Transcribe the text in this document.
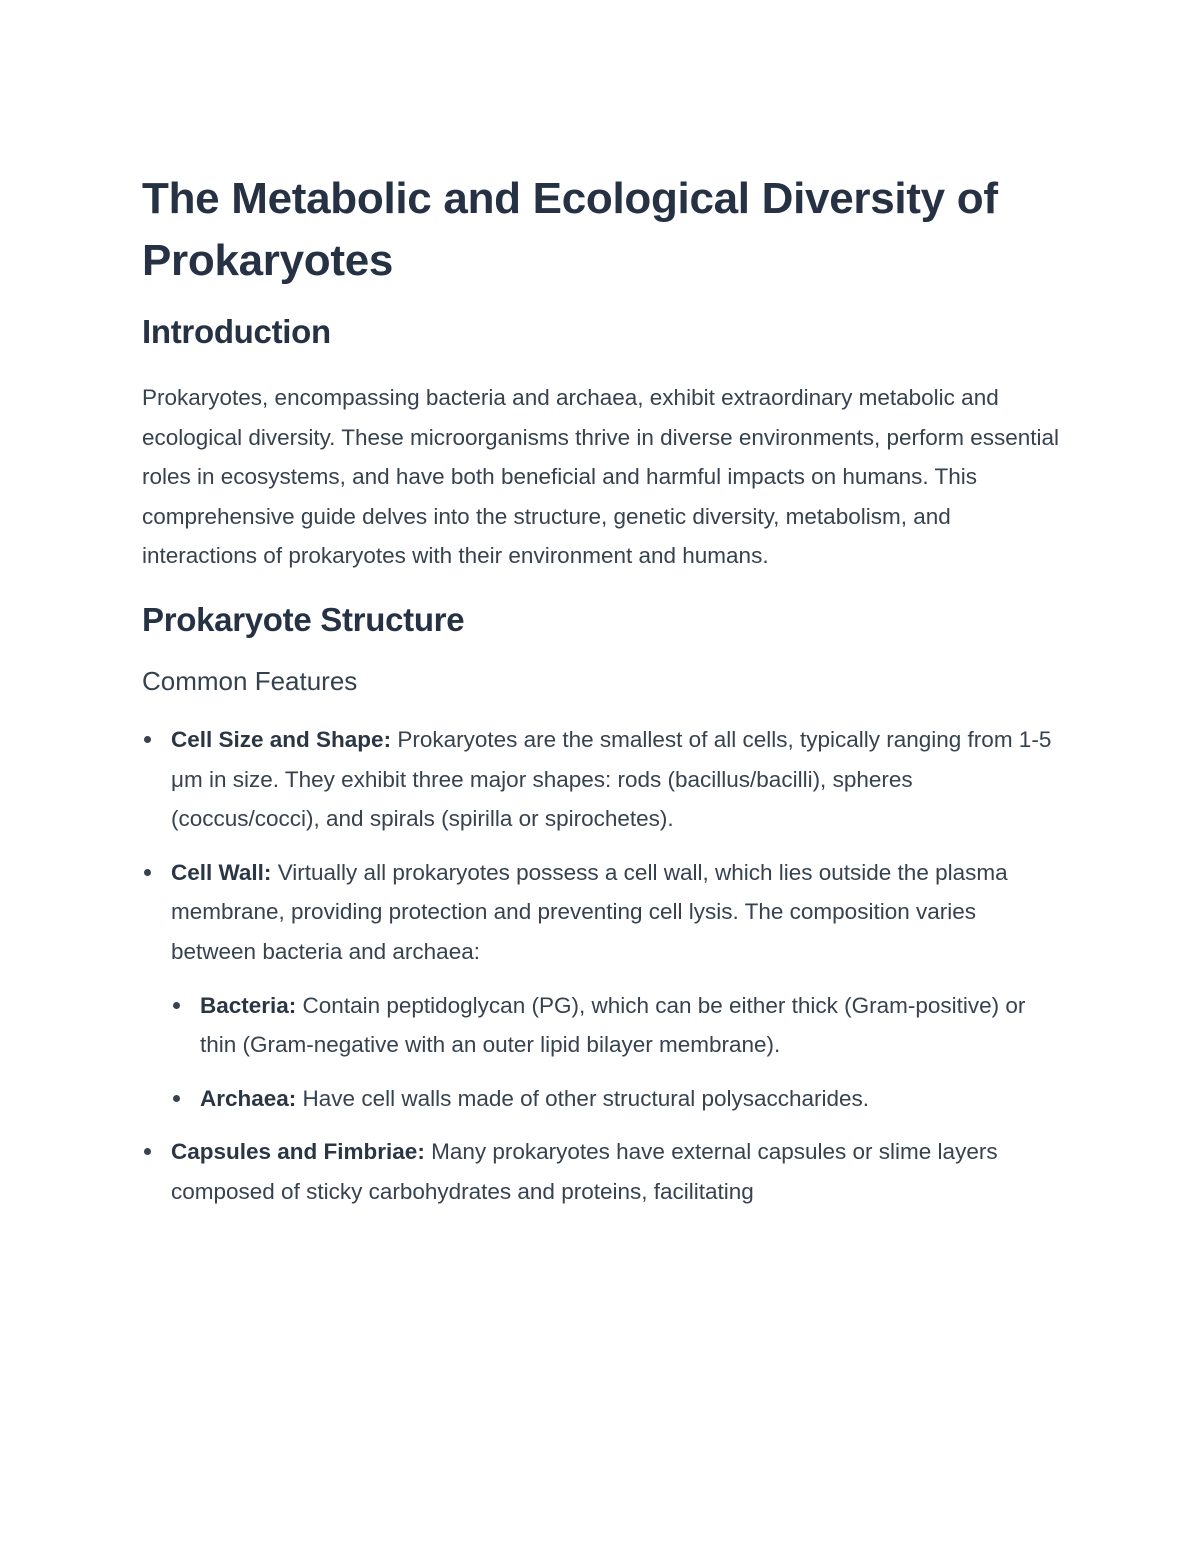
The Metabolic and Ecological Diversity of Prokaryotes
Introduction

Prokaryotes, encompassing bacteria and archaea, exhibit extraordinary metabolic and ecological diversity. These microorganisms thrive in diverse environments, perform essential roles in ecosystems, and have both beneficial and harmful impacts on humans. This comprehensive guide delves into the structure, genetic diversity, metabolism, and interactions of prokaryotes with their environment and humans.

Prokaryote Structure
Common Features
Cell Size and Shape: Prokaryotes are the smallest of all cells, typically ranging from 1-5 μm in size. They exhibit three major shapes: rods (bacillus/bacilli), spheres (coccus/cocci), and spirals (spirilla or spirochetes).
Cell Wall: Virtually all prokaryotes possess a cell wall, which lies outside the plasma membrane, providing protection and preventing cell lysis. The composition varies between bacteria and archaea:
Bacteria: Contain peptidoglycan (PG), which can be either thick (Gram-positive) or thin (Gram-negative with an outer lipid bilayer membrane).
Archaea: Have cell walls made of other structural polysaccharides.
Capsules and Fimbriae: Many prokaryotes have external capsules or slime layers composed of sticky carbohydrates and proteins, facilitating
